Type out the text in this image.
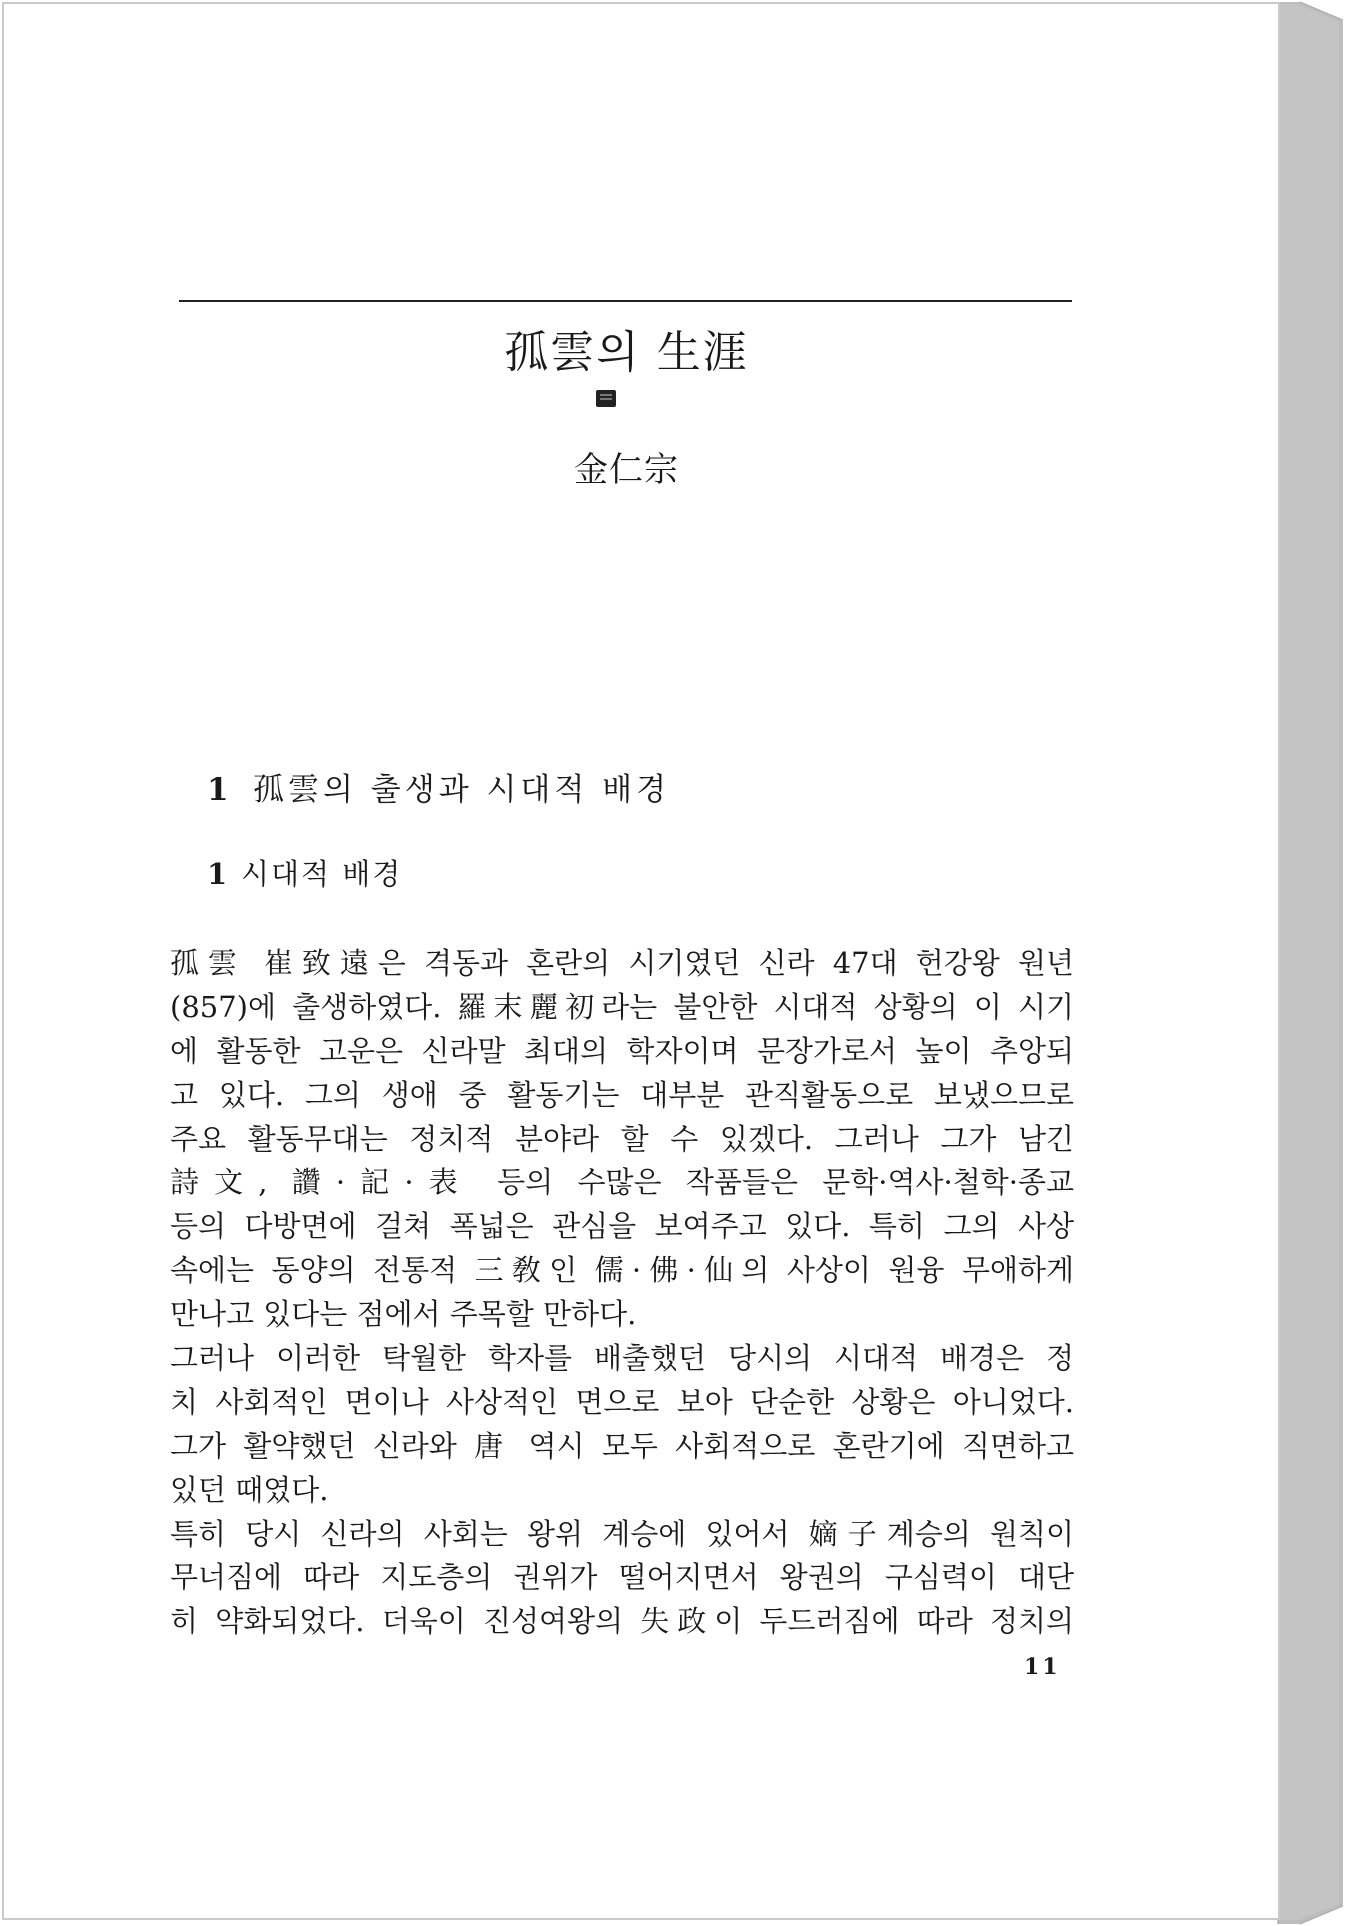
孤雲의 生涯
金仁宗
1 孤雲의 출생과 시대적 배경
1 시대적 배경
孤雲 崔致遠은 격동과 혼란의 시기였던 신라 47대 헌강왕 원년
(857)에 출생하였다. 羅末麗初라는 불안한 시대적 상황의 이 시기
에 활동한 고운은 신라말 최대의 학자이며 문장가로서 높이 추앙되
고 있다. 그의 생애 중 활동기는 대부분 관직활동으로 보냈으므로
주요 활동무대는 정치적 분야라 할 수 있겠다. 그러나 그가 남긴
詩文, 讚·記·表 등의 수많은 작품들은 문학·역사·철학·종교
등의 다방면에 걸쳐 폭넓은 관심을 보여주고 있다. 특히 그의 사상
속에는 동양의 전통적 三敎인 儒·佛·仙의 사상이 원융 무애하게
만나고 있다는 점에서 주목할 만하다.
그러나 이러한 탁월한 학자를 배출했던 당시의 시대적 배경은 정
치 사회적인 면이나 사상적인 면으로 보아 단순한 상황은 아니었다.
그가 활약했던 신라와 唐 역시 모두 사회적으로 혼란기에 직면하고
있던 때였다.
특히 당시 신라의 사회는 왕위 계승에 있어서 嫡子계승의 원칙이
무너짐에 따라 지도층의 권위가 떨어지면서 왕권의 구심력이 대단
히 약화되었다. 더욱이 진성여왕의 失政이 두드러짐에 따라 정치의
11
